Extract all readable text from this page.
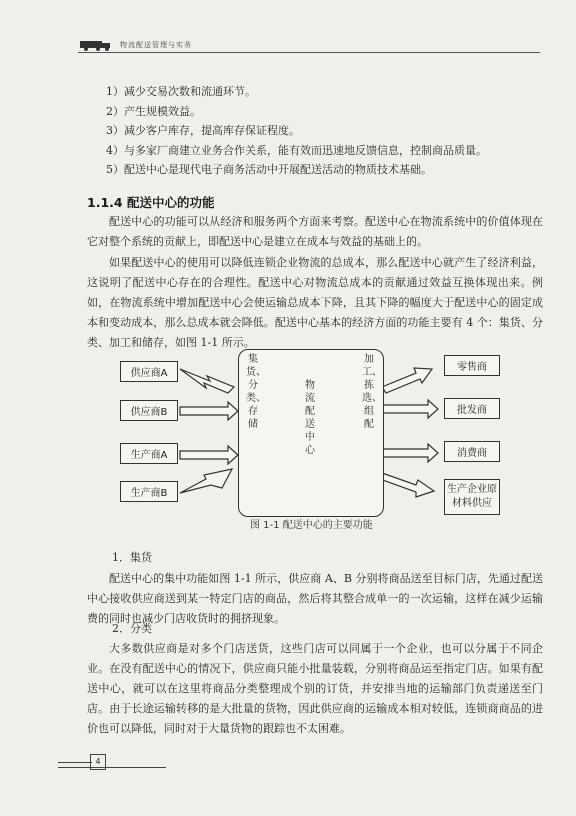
物流配送管理与实务
1）减少交易次数和流通环节。
2）产生规模效益。
3）减少客户库存，提高库存保证程度。
4）与多家厂商建立业务合作关系，能有效而迅速地反馈信息，控制商品质量。
5）配送中心是现代电子商务活动中开展配送活动的物质技术基础。
1.1.4 配送中心的功能
配送中心的功能可以从经济和服务两个方面来考察。配送中心在物流系统中的价值体现在它对整个系统的贡献上，即配送中心是建立在成本与效益的基础上的。
如果配送中心的使用可以降低连锁企业物流的总成本，那么配送中心就产生了经济利益，这说明了配送中心存在的合理性。配送中心对物流总成本的贡献通过效益互换体现出来。例如，在物流系统中增加配送中心会使运输总成本下降，且其下降的幅度大于配送中心的固定成本和变动成本，那么总成本就会降低。配送中心基本的经济方面的功能主要有 4 个：集货、分类、加工和储存，如图 1-1 所示。
供应商A
供应商B
生产商A
生产商B
集货、分类、存储
物流配送中心
加工、拣选、组配
零售商
批发商
消费商
生产企业原材料供应
图 1-1 配送中心的主要功能
1．集货
配送中心的集中功能如图 1-1 所示，供应商 A、B 分别将商品送至目标门店，先通过配送中心接收供应商送到某一特定门店的商品，然后将其整合成单一的一次运输，这样在减少运输费的同时也减少门店收货时的拥挤现象。
2．分类
大多数供应商是对多个门店送货，这些门店可以同属于一个企业，也可以分属于不同企业。在没有配送中心的情况下，供应商只能小批量装载，分别将商品运至指定门店。如果有配送中心，就可以在这里将商品分类整理成个别的订货，并安排当地的运输部门负责递送至门店。由于长途运输转移的是大批量的货物，因此供应商的运输成本相对较低，连锁商商品的进价也可以降低，同时对于大量货物的跟踪也不太困难。
4
